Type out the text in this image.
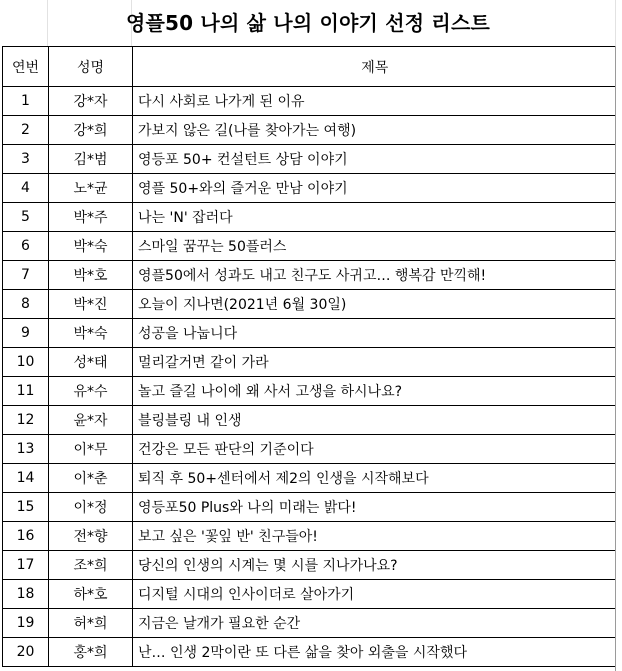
영플50 나의 삶 나의 이야기 선정 리스트
연번	성명	제목
1	강*자	다시 사회로 나가게 된 이유
2	강*희	가보지 않은 길(나를 찾아가는 여행)
3	김*범	영등포 50+ 컨설턴트 상담 이야기
4	노*균	영플 50+와의 즐거운 만남 이야기
5	박*주	나는 'N' 잡러다
6	박*숙	스마일 꿈꾸는 50플러스
7	박*호	영플50에서 성과도 내고 친구도 사귀고… 행복감 만끽해!
8	박*진	오늘이 지나면(2021년 6월 30일)
9	박*숙	성공을 나눕니다
10	성*태	멀리갈거면 같이 가라
11	유*수	놀고 즐길 나이에 왜 사서 고생을 하시나요?
12	윤*자	블링블링 내 인생
13	이*무	건강은 모든 판단의 기준이다
14	이*춘	퇴직 후 50+센터에서 제2의 인생을 시작해보다
15	이*정	영등포50 Plus와 나의 미래는 밝다!
16	전*향	보고 싶은 '꽃잎 반' 친구들아!
17	조*희	당신의 인생의 시계는 몇 시를 지나가나요?
18	하*호	디지털 시대의 인사이더로 살아가기
19	허*희	지금은 날개가 필요한 순간
20	홍*희	난… 인생 2막이란 또 다른 삶을 찾아 외출을 시작했다
